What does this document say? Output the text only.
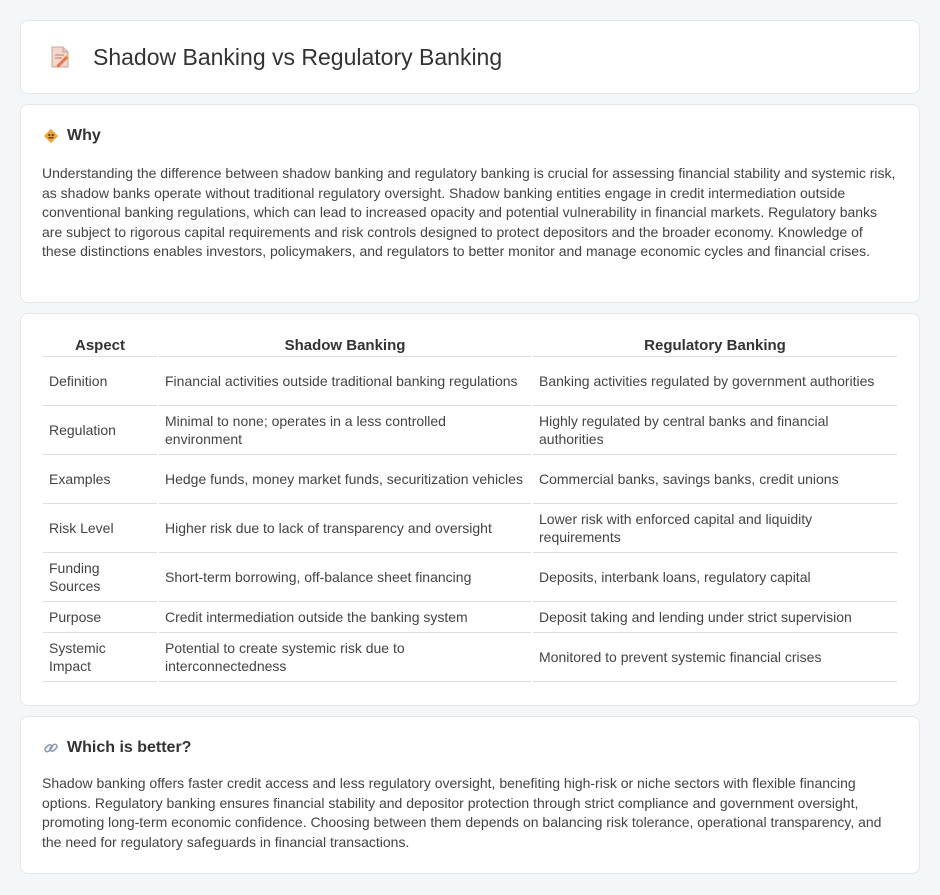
Shadow Banking vs Regulatory Banking
Why

Understanding the difference between shadow banking and regulatory banking is crucial for assessing financial stability and systemic risk, as shadow banks operate without traditional regulatory oversight. Shadow banking entities engage in credit intermediation outside conventional banking regulations, which can lead to increased opacity and potential vulnerability in financial markets. Regulatory banks are subject to rigorous capital requirements and risk controls designed to protect depositors and the broader economy. Knowledge of these distinctions enables investors, policymakers, and regulators to better monitor and manage economic cycles and financial crises.

Aspect	Shadow Banking	Regulatory Banking
Definition	Financial activities outside traditional banking regulations	Banking activities regulated by government authorities
Regulation	Minimal to none; operates in a less controlled environment	Highly regulated by central banks and financial authorities
Examples	Hedge funds, money market funds, securitization vehicles	Commercial banks, savings banks, credit unions
Risk Level	Higher risk due to lack of transparency and oversight	Lower risk with enforced capital and liquidity requirements
Funding Sources	Short-term borrowing, off-balance sheet financing	Deposits, interbank loans, regulatory capital
Purpose	Credit intermediation outside the banking system	Deposit taking and lending under strict supervision
Systemic Impact	Potential to create systemic risk due to interconnectedness	Monitored to prevent systemic financial crises
Which is better?

Shadow banking offers faster credit access and less regulatory oversight, benefiting high-risk or niche sectors with flexible financing options. Regulatory banking ensures financial stability and depositor protection through strict compliance and government oversight, promoting long-term economic confidence. Choosing between them depends on balancing risk tolerance, operational transparency, and the need for regulatory safeguards in financial transactions.
